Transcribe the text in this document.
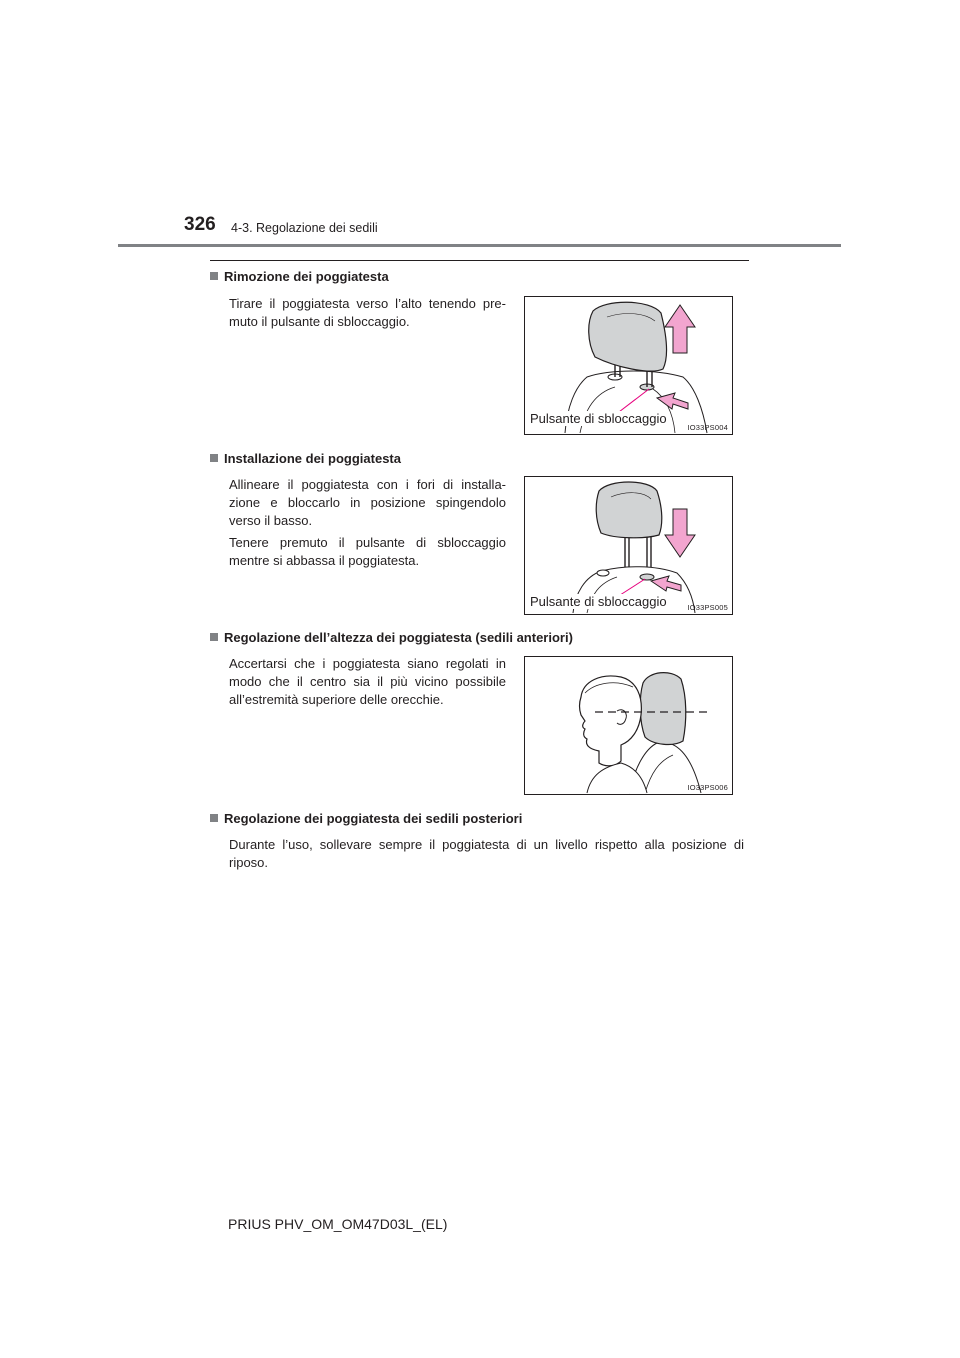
326 4-3. Regolazione dei sedili
Rimozione dei poggiatesta
Tirare il poggiatesta verso l’alto tenendo pre-
muto il pulsante di sbloccaggio.
Pulsante di sbloccaggio
IO33PS004
Installazione dei poggiatesta
Allineare il poggiatesta con i fori di installa-
zione e bloccarlo in posizione spingendolo
verso il basso.
Tenere premuto il pulsante di sbloccaggio
mentre si abbassa il poggiatesta.
Pulsante di sbloccaggio	IO33PS005
Regolazione dell’altezza dei poggiatesta (sedili anteriori)
Accertarsi che i poggiatesta siano regolati in
modo che il centro sia il più vicino possibile
all’estremità superiore delle orecchie.
IO33PS006
Regolazione dei poggiatesta dei sedili posteriori
Durante l’uso, sollevare sempre il poggiatesta di un livello rispetto alla posizione di
riposo.
PRIUS PHV_OM_OM47D03L_(EL)
